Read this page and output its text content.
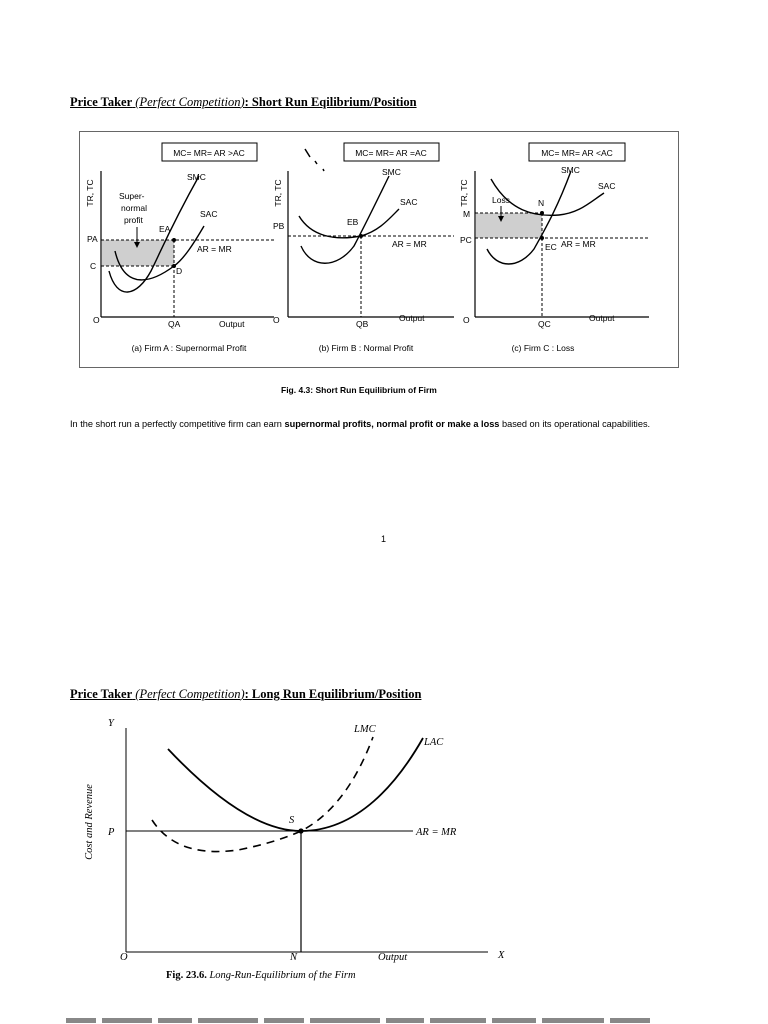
Price Taker (Perfect Competition): Short Run Eqilibrium/Position
MC= MR= AR >AC
TR, TC
SMC
SAC
AR = MR
PA
C
EA
D
QA	Output
O
Super-
normal
profit
(a) Firm A : Supernormal Profit
MC= MR= AR =AC
TR, TC
SMC
SAC
AR = MR
PB	EB
QB
Output
O
(b) Firm B : Normal Profit
MC= MR= AR <AC
TR, TC
SMC
SAC
AR = MR
PC
M
EC
N
Loss
QC
Output
O
(c) Firm C : Loss
Fig. 4.3: Short Run Equilibrium of Firm
In the short run a perfectly competitive firm can earn supernormal profits, normal profit or make a loss based on its operational capabilities.
1
Price Taker (Perfect Competition): Long Run Equilibrium/Position
Y
X
O
P
N
S
LMC
LAC
AR = MR
Output
Cost and Revenue
Fig. 23.6. Long-Run-Equilibrium of the Firm
